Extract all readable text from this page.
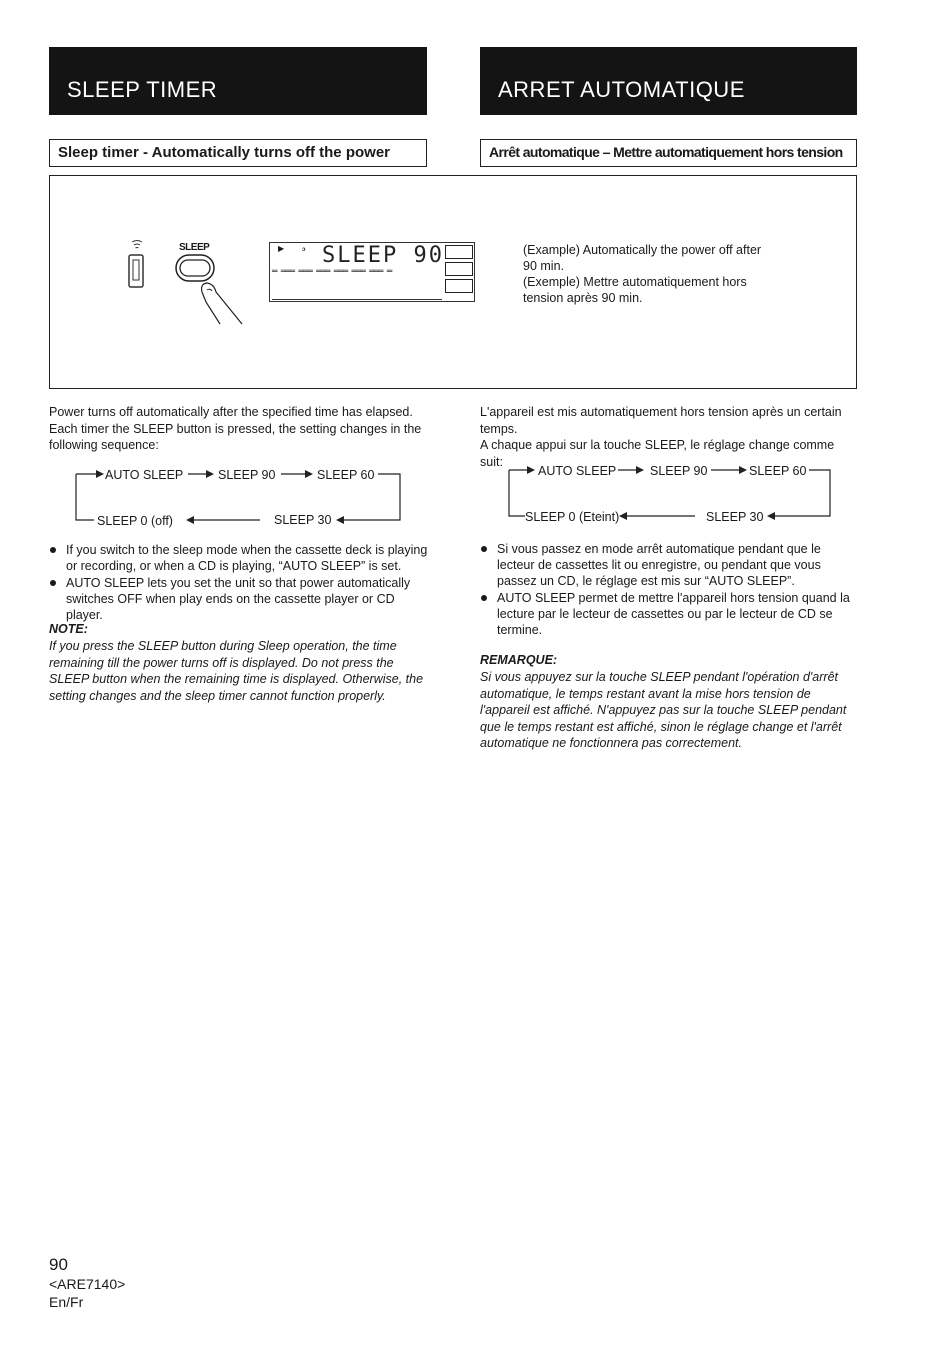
SLEEP TIMER	ARRET AUTOMATIQUE
Sleep timer - Automatically turns off the power	Arrêt automatique – Mettre automatiquement hors tension
SLEEP	▶ ᵓ SLEEP 90
═ ═══ ═══ ═══ ═══ ═══ ═══ ═

(Example) Automatically the power off after 90 min.

(Exemple) Mettre automatiquement hors tension après 90 min.

Power turns off automatically after the specified time has elapsed.

Each timer the SLEEP button is pressed, the setting changes in the following sequence:

AUTO SLEEP	SLEEP 90	SLEEP 60
SLEEP 30
SLEEP 0 (off)
If you switch to the sleep mode when the cassette deck is playing or recording, or when a CD is playing, “AUTO SLEEP” is set.
AUTO SLEEP lets you set the unit so that power automatically switches OFF when play ends on the cassette player or CD player.
NOTE:
If you press the SLEEP button during Sleep operation, the time remaining till the power turns off is displayed. Do not press the SLEEP button when the remaining time is displayed. Otherwise, the setting changes and the sleep timer cannot function properly.

L'appareil est mis automatiquement hors tension après un certain temps.

A chaque appui sur la touche SLEEP, le réglage change comme suit:

AUTO SLEEP	SLEEP 90	SLEEP 60
SLEEP 30
SLEEP 0 (Eteint)
Si vous passez en mode arrêt automatique pendant que le lecteur de cassettes lit ou enregistre, ou pendant que vous passez un CD, le réglage est mis sur “AUTO SLEEP”.
AUTO SLEEP permet de mettre l'appareil hors tension quand la lecture par le lecteur de cassettes ou par le lecteur de CD se termine.
REMARQUE:
Si vous appuyez sur la touche SLEEP pendant l'opération d'arrêt automatique, le temps restant avant la mise hors tension de l'appareil est affiché. N'appuyez pas sur la touche SLEEP pendant que le temps restant est affiché, sinon le réglage change et l'arrêt automatique ne fonctionnera pas correctement.
90
<ARE7140>
En/Fr
